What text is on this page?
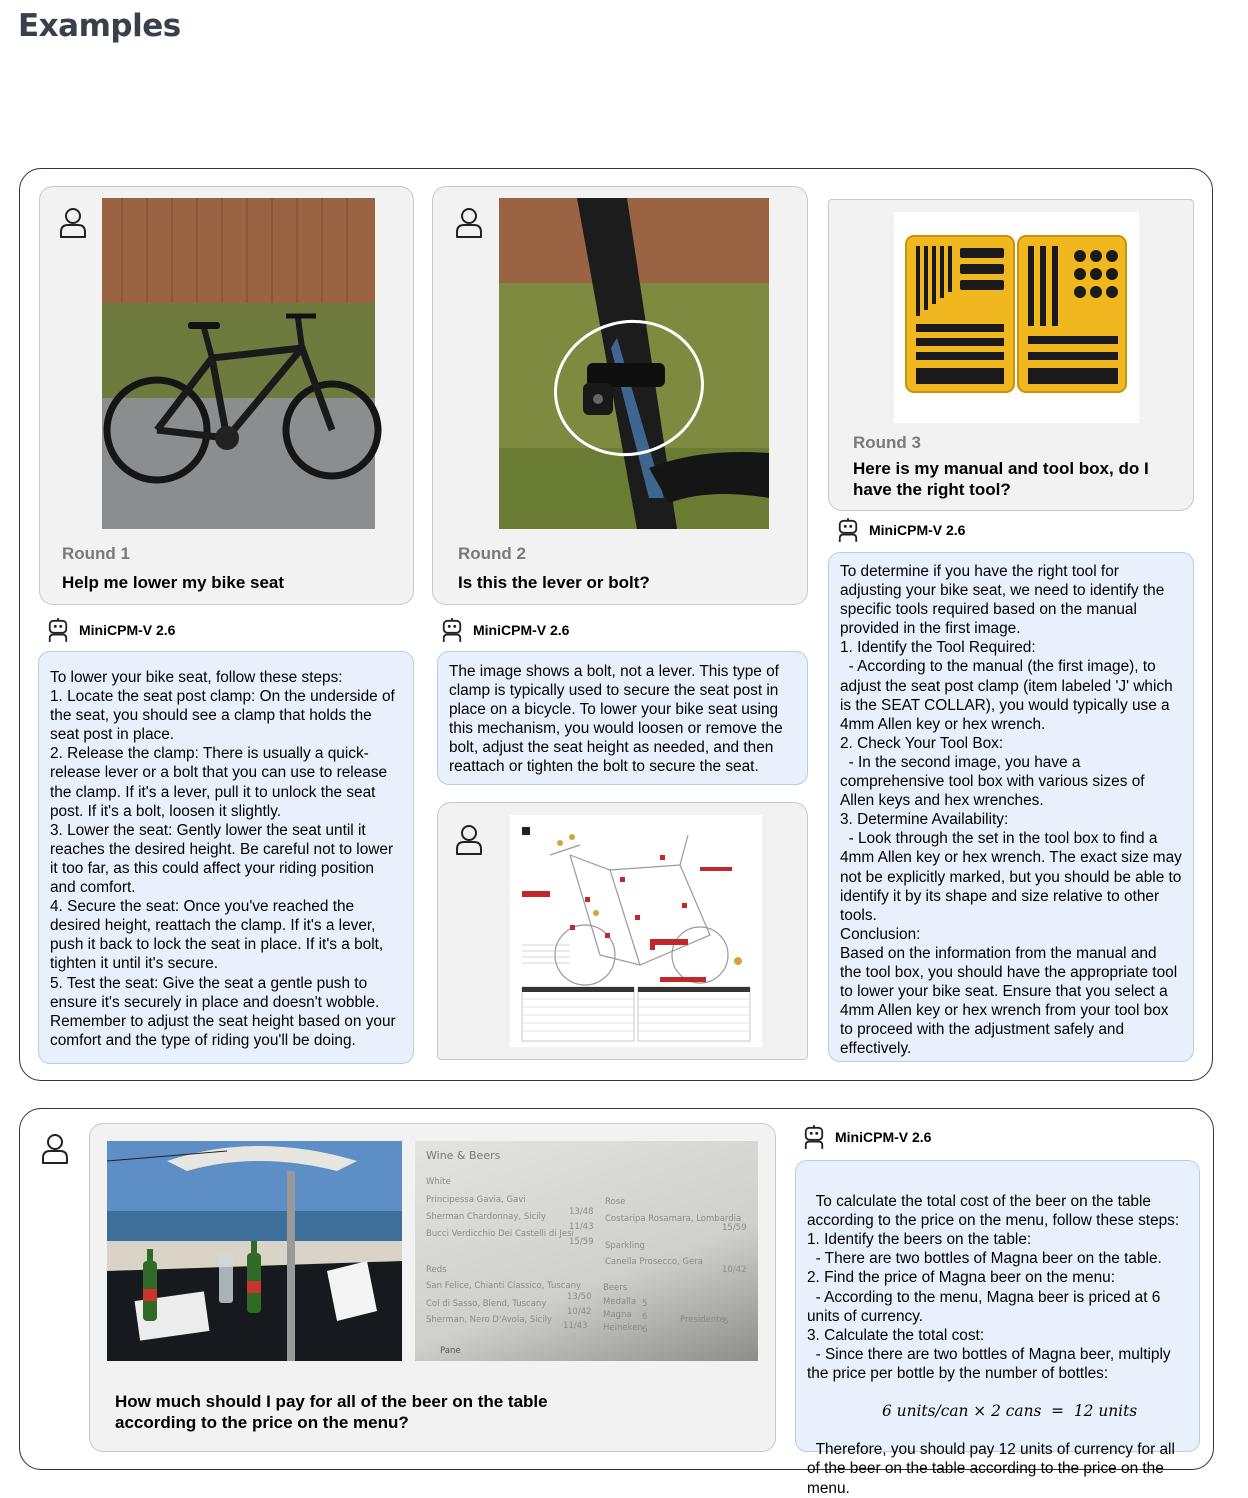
Examples
Round 1
Help me lower my bike seat
MiniCPM-V 2.6
To lower your bike seat, follow these steps:
1. Locate the seat post clamp: On the underside of the seat, you should see a clamp that holds the seat post in place.
2. Release the clamp: There is usually a quick-release lever or a bolt that you can use to release the clamp. If it's a lever, pull it to unlock the seat post. If it's a bolt, loosen it slightly.
3. Lower the seat: Gently lower the seat until it reaches the desired height. Be careful not to lower it too far, as this could affect your riding position and comfort.
4. Secure the seat: Once you've reached the desired height, reattach the clamp. If it's a lever, push it back to lock the seat in place. If it's a bolt, tighten it until it's secure.
5. Test the seat: Give the seat a gentle push to ensure it's securely in place and doesn't wobble.
Remember to adjust the seat height based on your comfort and the type of riding you'll be doing.
Round 2
Is this the lever or bolt?
MiniCPM-V 2.6
The image shows a bolt, not a lever. This type of clamp is typically used to secure the seat post in place on a bicycle. To lower your bike seat using this mechanism, you would loosen or remove the bolt, adjust the seat height as needed, and then reattach or tighten the bolt to secure the seat.
Round 3
Here is my manual and tool box, do I have the right tool?
MiniCPM-V 2.6
To determine if you have the right tool for adjusting your bike seat, we need to identify the specific tools required based on the manual provided in the first image.
1. Identify the Tool Required:
- According to the manual (the first image), to adjust the seat post clamp (item labeled 'J' which is the SEAT COLLAR), you would typically use a 4mm Allen key or hex wrench.
2. Check Your Tool Box:
- In the second image, you have a comprehensive tool box with various sizes of Allen keys and hex wrenches.
3. Determine Availability:
- Look through the set in the tool box to find a 4mm Allen key or hex wrench. The exact size may not be explicitly marked, but you should be able to identify it by its shape and size relative to other tools.
Conclusion:
Based on the information from the manual and the tool box, you should have the appropriate tool to lower your bike seat. Ensure that you select a 4mm Allen key or hex wrench from your tool box to proceed with the adjustment safely and effectively.
Wine & Beers
White
Principessa Gavia, Gavi
Sherman Chardonnay, Sicily
Bucci Verdicchio Dei Castelli di Jesi
13/48
11/43
15/59
Rose
Costaripa Rosamara, Lombardia
15/59
Sparkling
Canella Prosecco, Gera
10/42
Reds
San Felice, Chianti Classico, Tuscany
Col di Sasso, Blend, Tuscany
Sherman, Nero D'Avola, Sicily
13/50
10/42
11/43
Beers
Medalla
Magna
Heineken
5
6
6
Presidente
6
Pane
How much should I pay for all of the beer on the table according to the price on the menu?
MiniCPM-V 2.6

To calculate the total cost of the beer on the table according to the price on the menu, follow these steps:
1. Identify the beers on the table:
- There are two bottles of Magna beer on the table.
2. Find the price of Magna beer on the menu:
- According to the menu, Magna beer is priced at 6 units of currency.
3. Calculate the total cost:
- Since there are two bottles of Magna beer, multiply the price per bottle by the number of bottles:

6 units/can × 2 cans  =  12 units

Therefore, you should pay 12 units of currency for all of the beer on the table according to the price on the menu.
